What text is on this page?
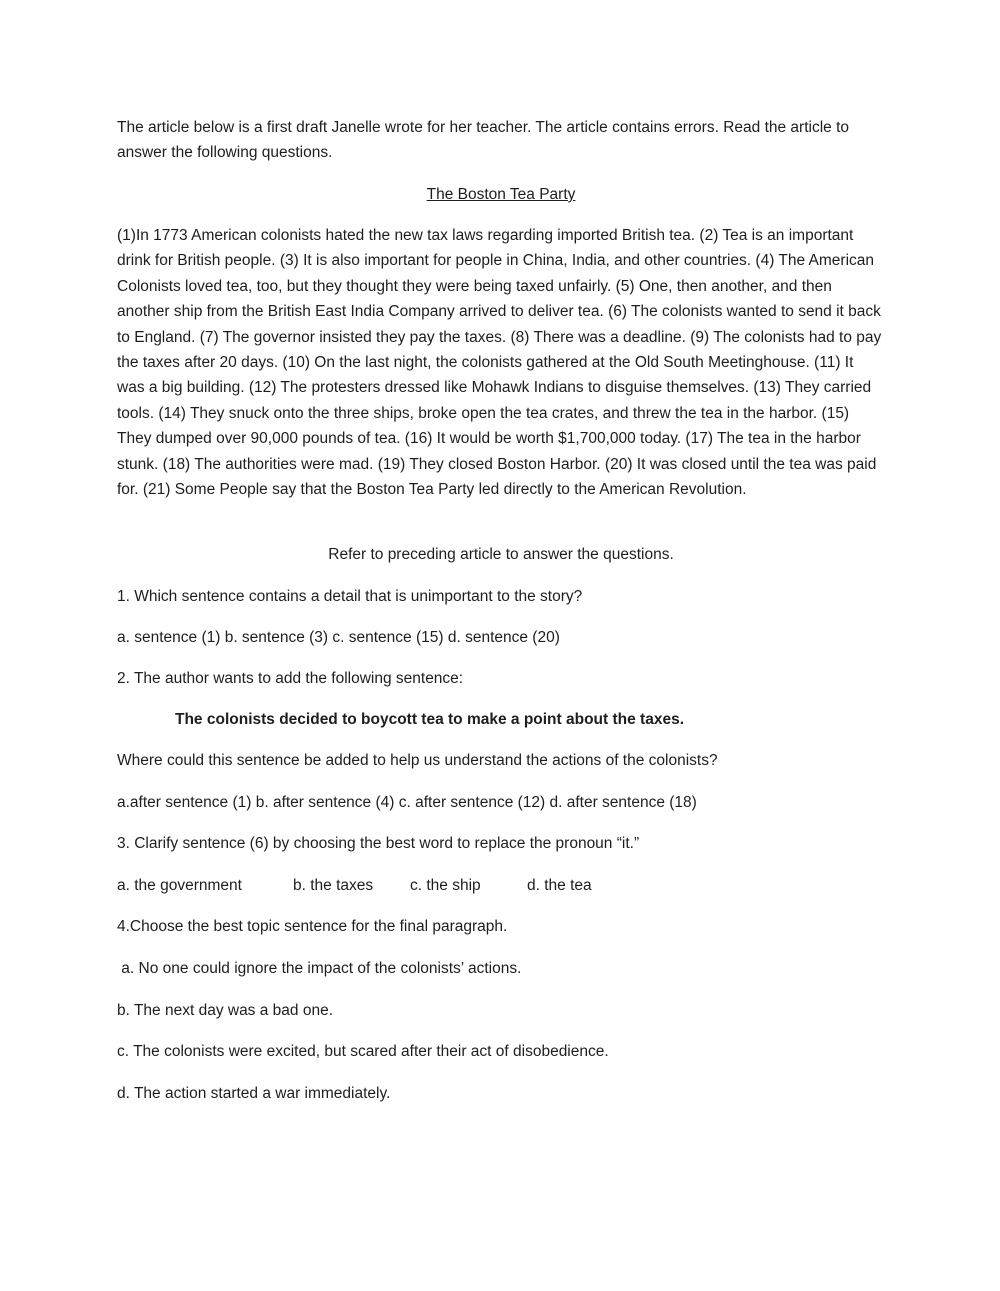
The article below is a first draft Janelle wrote for her teacher. The article contains errors. Read the article to answer the following questions.

The Boston Tea Party

(1)In 1773 American colonists hated the new tax laws regarding imported British tea. (2) Tea is an important drink for British people. (3) It is also important for people in China, India, and other countries. (4) The American Colonists loved tea, too, but they thought they were being taxed unfairly. (5) One, then another, and then another ship from the British East India Company arrived to deliver tea. (6) The colonists wanted to send it back to England. (7) The governor insisted they pay the taxes. (8) There was a deadline. (9) The colonists had to pay the taxes after 20 days. (10) On the last night, the colonists gathered at the Old South Meetinghouse. (11) It was a big building. (12) The protesters dressed like Mohawk Indians to disguise themselves. (13) They carried tools. (14) They snuck onto the three ships, broke open the tea crates, and threw the tea in the harbor. (15) They dumped over 90,000 pounds of tea. (16) It would be worth $1,700,000 today. (17) The tea in the harbor stunk. (18) The authorities were mad. (19) They closed Boston Harbor. (20) It was closed until the tea was paid for. (21) Some People say that the Boston Tea Party led directly to the American Revolution.

Refer to preceding article to answer the questions.

1. Which sentence contains a detail that is unimportant to the story?

a. sentence (1) b. sentence (3) c. sentence (15) d. sentence (20)

2. The author wants to add the following sentence:

The colonists decided to boycott tea to make a point about the taxes.

Where could this sentence be added to help us understand the actions of the colonists?

a.after sentence (1) b. after sentence (4) c. after sentence (12) d. after sentence (18)

3. Clarify sentence (6) by choosing the best word to replace the pronoun “it.”

a. the government	b. the taxes c. the ship	d. the tea

4.Choose the best topic sentence for the final paragraph.

a. No one could ignore the impact of the colonists’ actions.

b. The next day was a bad one.

c. The colonists were excited, but scared after their act of disobedience.

d. The action started a war immediately.
